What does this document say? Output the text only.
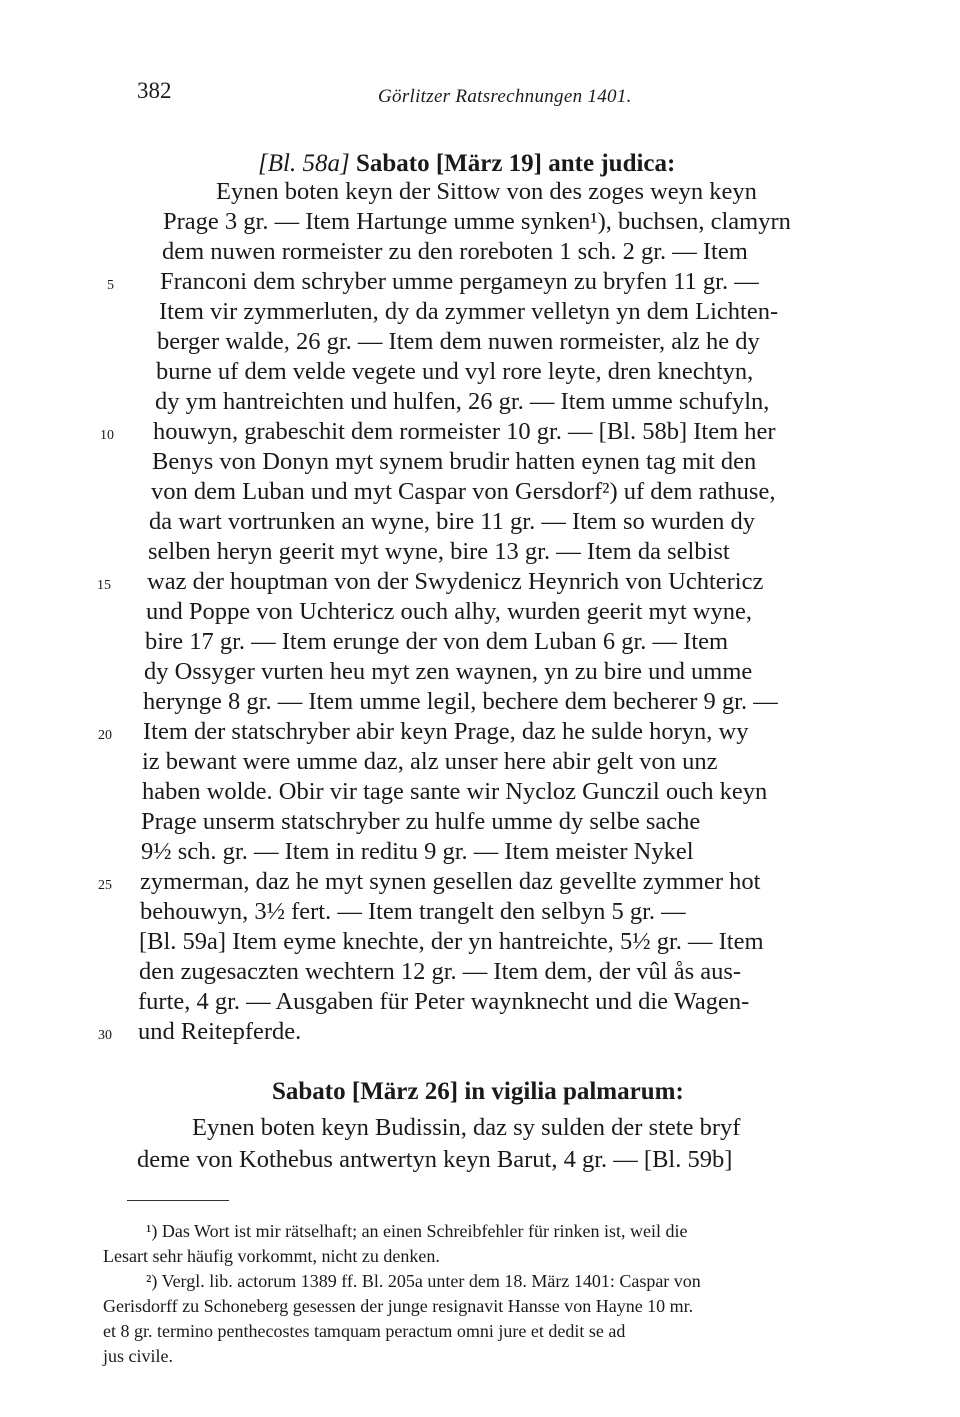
382	Görlitzer Ratsrechnungen 1401.
[Bl. 58a] Sabato [März 19] ante judica:
Eynen boten keyn der Sittow von des zoges weyn keyn
Prage 3 gr. — Item Hartunge umme synken¹), buchsen, clamyrn
dem nuwen rormeister zu den roreboten 1 sch. 2 gr. — Item
Franconi dem schryber umme pergameyn zu bryfen 11 gr. —
Item vir zymmerluten, dy da zymmer velletyn yn dem Lichten-
berger walde, 26 gr. — Item dem nuwen rormeister, alz he dy
burne uf dem velde vegete und vyl rore leyte, dren knechtyn,
dy ym hantreichten und hulfen, 26 gr. — Item umme schufyln,
houwyn, grabeschit dem rormeister 10 gr. — [Bl. 58b] Item her
Benys von Donyn myt synem brudir hatten eynen tag mit den
von dem Luban und myt Caspar von Gersdorf²) uf dem rathuse,
da wart vortrunken an wyne, bire 11 gr. — Item so wurden dy
selben heryn geerit myt wyne, bire 13 gr. — Item da selbist
waz der houptman von der Swydenicz Heynrich von Uchtericz
und Poppe von Uchtericz ouch alhy, wurden geerit myt wyne,
bire 17 gr. — Item erunge der von dem Luban 6 gr. — Item
dy Ossyger vurten heu myt zen waynen, yn zu bire und umme
herynge 8 gr. — Item umme legil, bechere dem becherer 9 gr. —
Item der statschryber abir keyn Prage, daz he sulde horyn, wy
iz bewant were umme daz, alz unser here abir gelt von unz
haben wolde. Obir vir tage sante wir Nycloz Gunczil ouch keyn
Prage unserm statschryber zu hulfe umme dy selbe sache
9½ sch. gr. — Item in reditu 9 gr. — Item meister Nykel
zymerman, daz he myt synen gesellen daz gevellte zymmer hot
behouwyn, 3½ fert. — Item trangelt den selbyn 5 gr. —
[Bl. 59a] Item eyme knechte, der yn hantreichte, 5½ gr. — Item
den zugesaczten wechtern 12 gr. — Item dem, der vûl ås aus-
furte, 4 gr. — Ausgaben für Peter waynknecht und die Wagen-
und Reitepferde.
5
10
15
20
25
30
Sabato [März 26] in vigilia palmarum:
Eynen boten keyn Budissin, daz sy sulden der stete bryf
deme von Kothebus antwertyn keyn Barut, 4 gr. — [Bl. 59b]
¹) Das Wort ist mir rätselhaft; an einen Schreibfehler für rinken ist, weil die
Lesart sehr häufig vorkommt, nicht zu denken.
²) Vergl. lib. actorum 1389 ff. Bl. 205a unter dem 18. März 1401: Caspar von
Gerisdorff zu Schoneberg gesessen der junge resignavit Hansse von Hayne 10 mr.
et 8 gr. termino penthecostes tamquam peractum omni jure et dedit se ad
jus civile.
